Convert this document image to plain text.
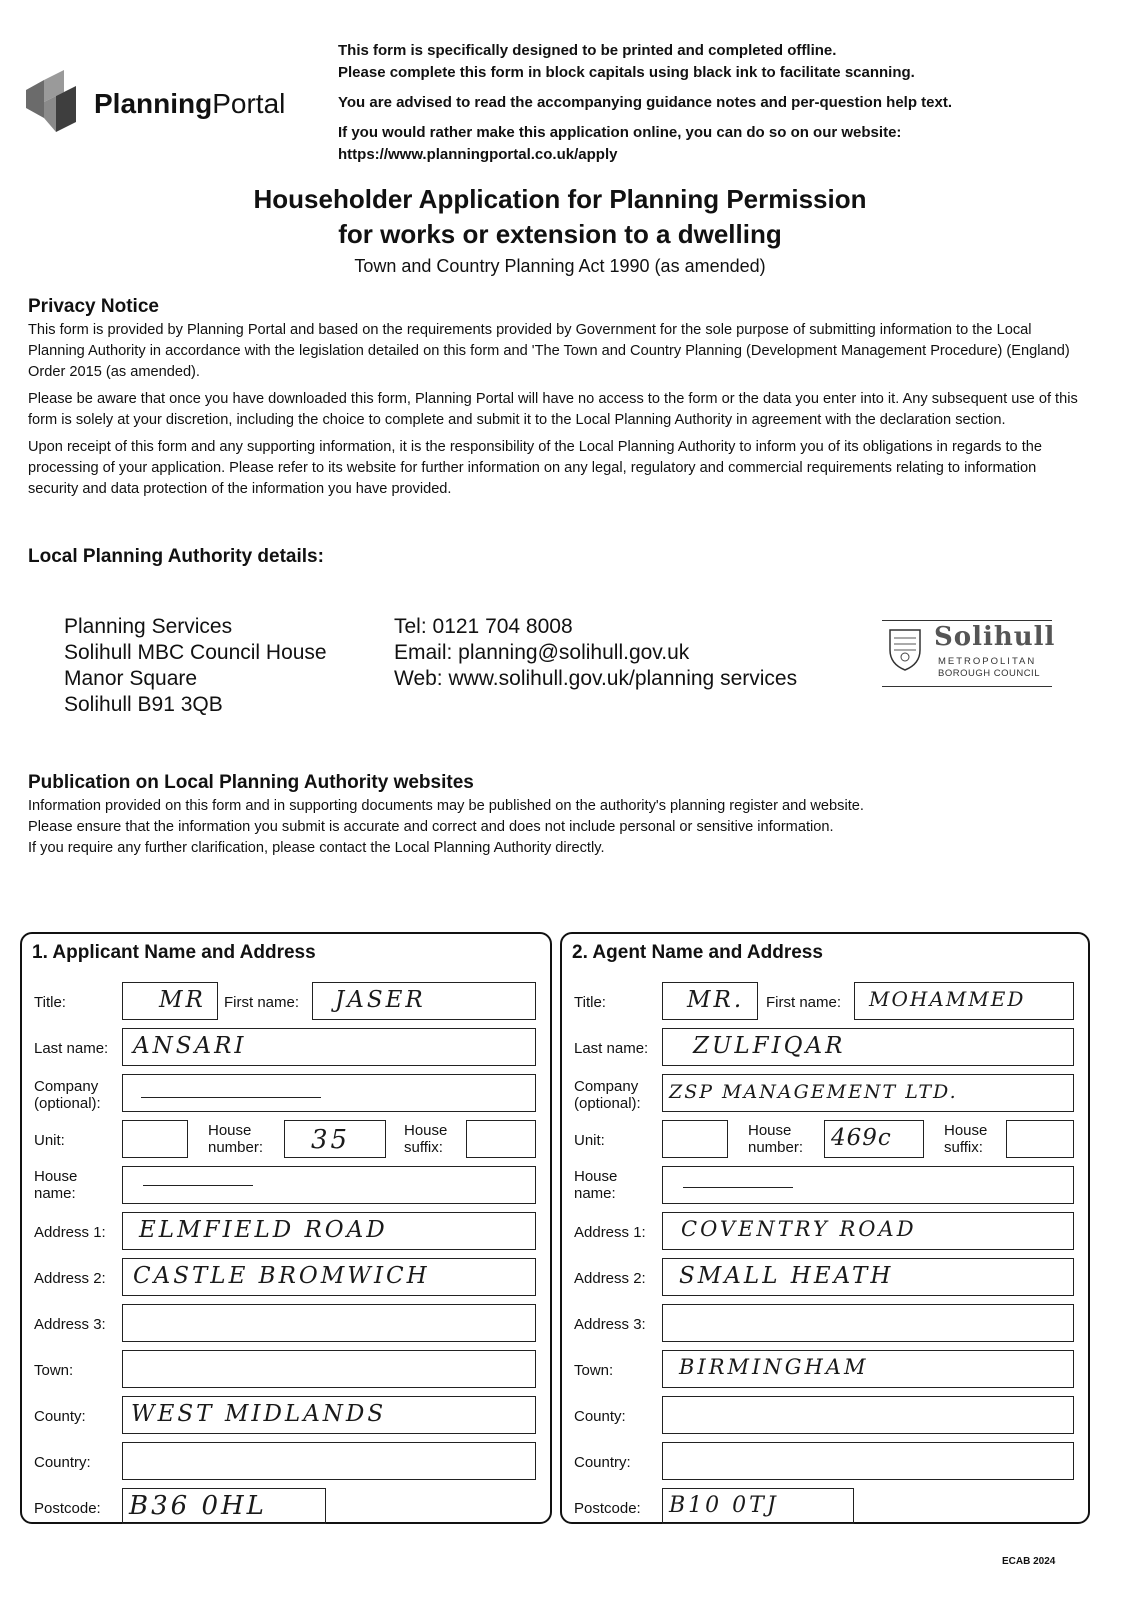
PlanningPortal
This form is specifically designed to be printed and completed offline.
Please complete this form in block capitals using black ink to facilitate scanning.
You are advised to read the accompanying guidance notes and per-question help text.
If you would rather make this application online, you can do so on our website:
https://www.planningportal.co.uk/apply
Householder Application for Planning Permission
for works or extension to a dwelling
Town and Country Planning Act 1990 (as amended)
Privacy Notice
This form is provided by Planning Portal and based on the requirements provided by Government for the sole purpose of submitting information to the Local Planning Authority in accordance with the legislation detailed on this form and 'The Town and Country Planning (Development Management Procedure) (England) Order 2015 (as amended).
Please be aware that once you have downloaded this form, Planning Portal will have no access to the form or the data you enter into it. Any subsequent use of this form is solely at your discretion, including the choice to complete and submit it to the Local Planning Authority in agreement with the declaration section.
Upon receipt of this form and any supporting information, it is the responsibility of the Local Planning Authority to inform you of its obligations in regards to the processing of your application. Please refer to its website for further information on any legal, regulatory and commercial requirements relating to information security and data protection of the information you have provided.
Local Planning Authority details:
Planning Services
Solihull MBC Council House
Manor Square
Solihull B91 3QB
Tel: 0121 704 8008
Email: planning@solihull.gov.uk
Web: www.solihull.gov.uk/planning services
Solihull
METROPOLITAN
BOROUGH COUNCIL
Publication on Local Planning Authority websites
Information provided on this form and in supporting documents may be published on the authority's planning register and website.
Please ensure that the information you submit is accurate and correct and does not include personal or sensitive information.
If you require any further clarification, please contact the Local Planning Authority directly.
1. Applicant Name and Address
Title:	MR First name: JASER
Last name: ANSARI
Company
(optional):
Unit:
House
number: 35	House
suffix:
House
name:
Address 1: ELMFIELD ROAD
Address 2: CASTLE BROMWICH
Address 3:
Town:
County: WEST MIDLANDS
Country:
Postcode: B36 0HL
2. Agent Name and Address
Title:	MR. First name: MOHAMMED
Last name: ZULFIQAR
Company
(optional):
ZSP MANAGEMENT LTD.
Unit:
House
number: 469c	House
suffix:
House
name:
Address 1: COVENTRY ROAD
Address 2: SMALL HEATH
Address 3:
Town:	BIRMINGHAM
County:
Country:
Postcode: B10 0TJ
ECAB 2024
